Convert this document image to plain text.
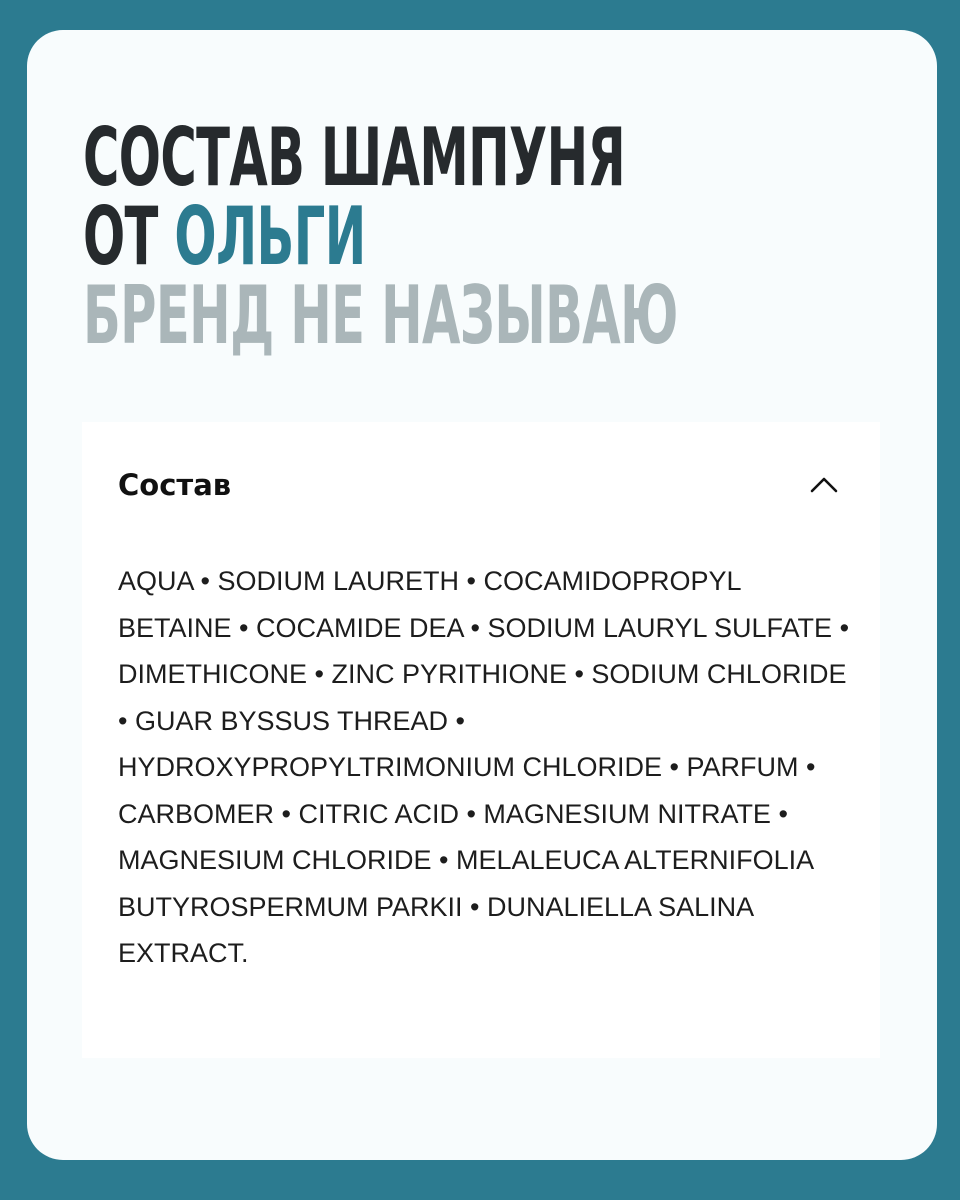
СОСТАВ ШАМПУНЯ
ОТ ОЛЬГИ
БРЕНД НЕ НАЗЫВАЮ
Состав

AQUA • SODIUM LAURETH • COCAMIDOPROPYL BETAINE • COCAMIDE DEA • SODIUM LAURYL SULFATE • DIMETHICONE • ZINC PYRITHIONE • SODIUM CHLORIDE • GUAR BYSSUS THREAD • HYDROXYPROPYLTRIMONIUM CHLORIDE • PARFUM • CARBOMER • CITRIC ACID • MAGNESIUM NITRATE • MAGNESIUM CHLORIDE • MELALEUCA ALTERNIFOLIA BUTYROSPERMUM PARKII • DUNALIELLA SALINA EXTRACT.
